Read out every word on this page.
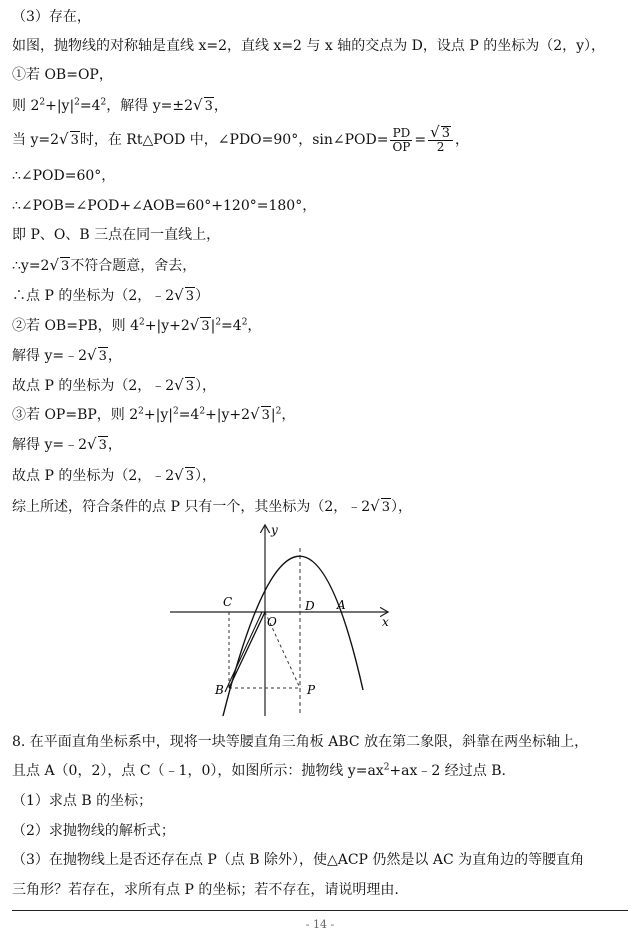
（3）存在，
如图，抛物线的对称轴是直线 x=2，直线 x=2 与 x 轴的交点为 D，设点 P 的坐标为（2，y），
①若 OB=OP，
则 $2^2+|y|^2=4^2$，解得 y=±2√ 3，
当 y=2√ 3时，在 Rt△POD 中，∠PDO=90°，sin∠POD= $\frac{PD}{OP} = \frac{√ 3}{2}$ ，
∴∠POD=60°，
∴∠POB=∠POD+∠AOB=60°+120°=180°，
即 P、O、B 三点在同一直线上，
∴y=2√ 3不符合题意，舍去，
∴点 P 的坐标为（2，﹣2√ 3）
②若 OB=PB，则 $4^2+|y+2√$ $3|^2=4^2$，
解得 y=﹣2√ 3，
故点 P 的坐标为（2，﹣2√ 3），
③若 OP=BP，则 $2^2+|y|^2=4^2+|y+2√$ $3|^2$，
解得 y=﹣2√ 3，
故点 P 的坐标为（2，﹣2√ 3），
综上所述，符合条件的点 P 只有一个，其坐标为（2，﹣2√ 3），
y
x
C	D A
O
B	P
8. 在平面直角坐标系中，现将一块等腰直角三角板 ABC 放在第二象限，斜靠在两坐标轴上，
且点 A（0，2），点 C（﹣1，0），如图所示：抛物线 $y=ax^2+ax﹣2$ 经过点 B.
（1）求点 B 的坐标；
（2）求抛物线的解析式；
（3）在抛物线上是否还存在点 P（点 B 除外），使△ACP 仍然是以 AC 为直角边的等腰直角
三角形？若存在，求所有点 P 的坐标；若不存在，请说明理由.
- 14 -
